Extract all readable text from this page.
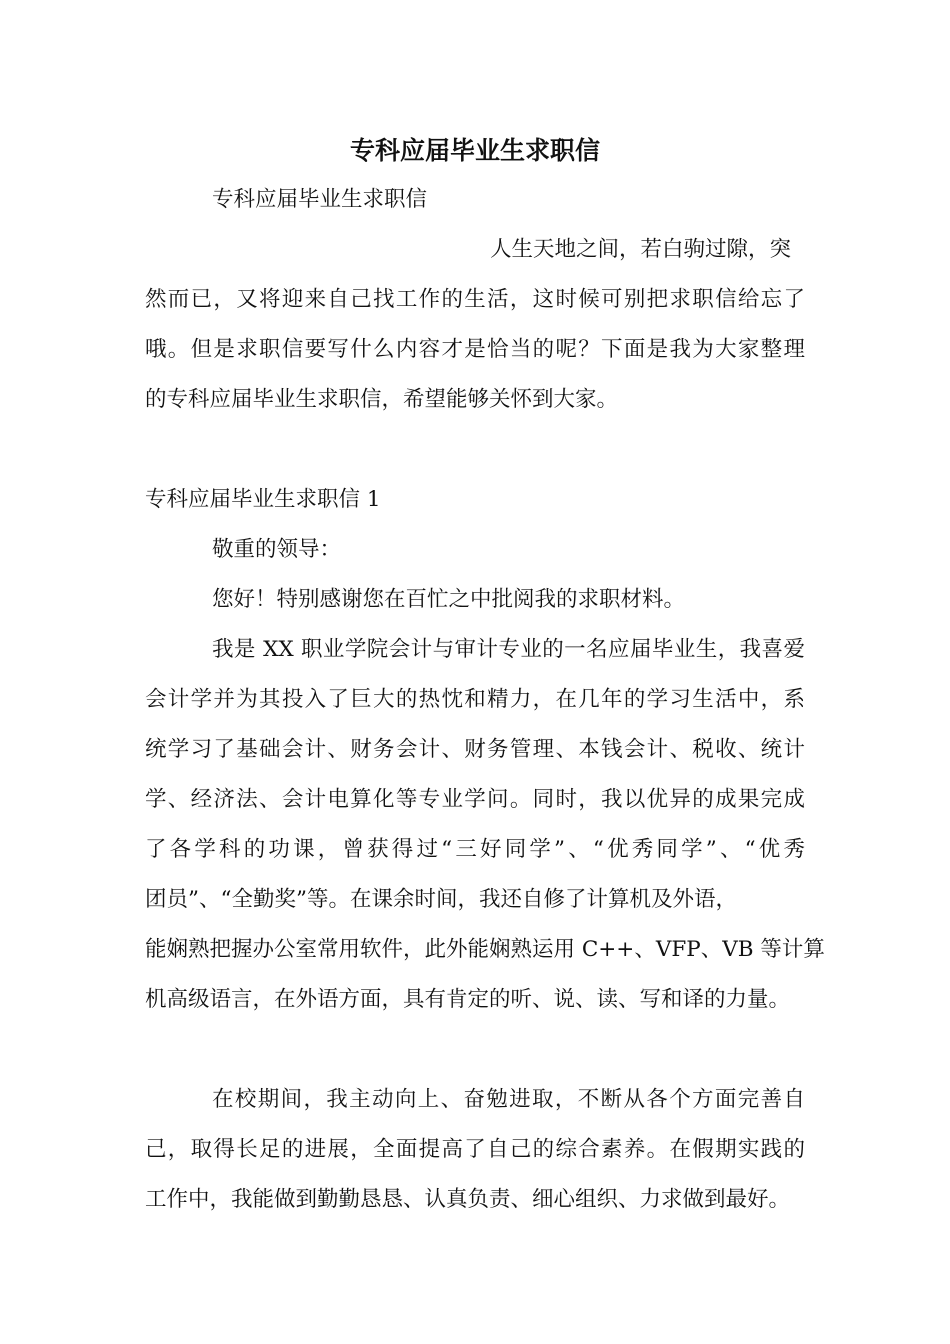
专科应届毕业生求职信

专科应届毕业生求职信

人生天地之间，若白驹过隙，突

然而已，又将迎来自己找工作的生活，这时候可别把求职信给忘了

哦。但是求职信要写什么内容才是恰当的呢？下面是我为大家整理

的专科应届毕业生求职信，希望能够关怀到大家。

专科应届毕业生求职信 1

敬重的领导：

您好！特别感谢您在百忙之中批阅我的求职材料。

我是 XX 职业学院会计与审计专业的一名应届毕业生，我喜爱

会计学并为其投入了巨大的热忱和精力，在几年的学习生活中，系

统学习了基础会计、财务会计、财务管理、本钱会计、税收、统计

学、经济法、会计电算化等专业学问。同时，我以优异的成果完成

了各学科的功课，曾获得过“三好同学”、“优秀同学”、“优秀

团员”、“全勤奖”等。在课余时间，我还自修了计算机及外语，

能娴熟把握办公室常用软件，此外能娴熟运用 C++、VFP、VB 等计算

机高级语言，在外语方面，具有肯定的听、说、读、写和译的力量。

在校期间，我主动向上、奋勉进取，不断从各个方面完善自

己，取得长足的进展，全面提高了自己的综合素养。在假期实践的

工作中，我能做到勤勤恳恳、认真负责、细心组织、力求做到最好。
